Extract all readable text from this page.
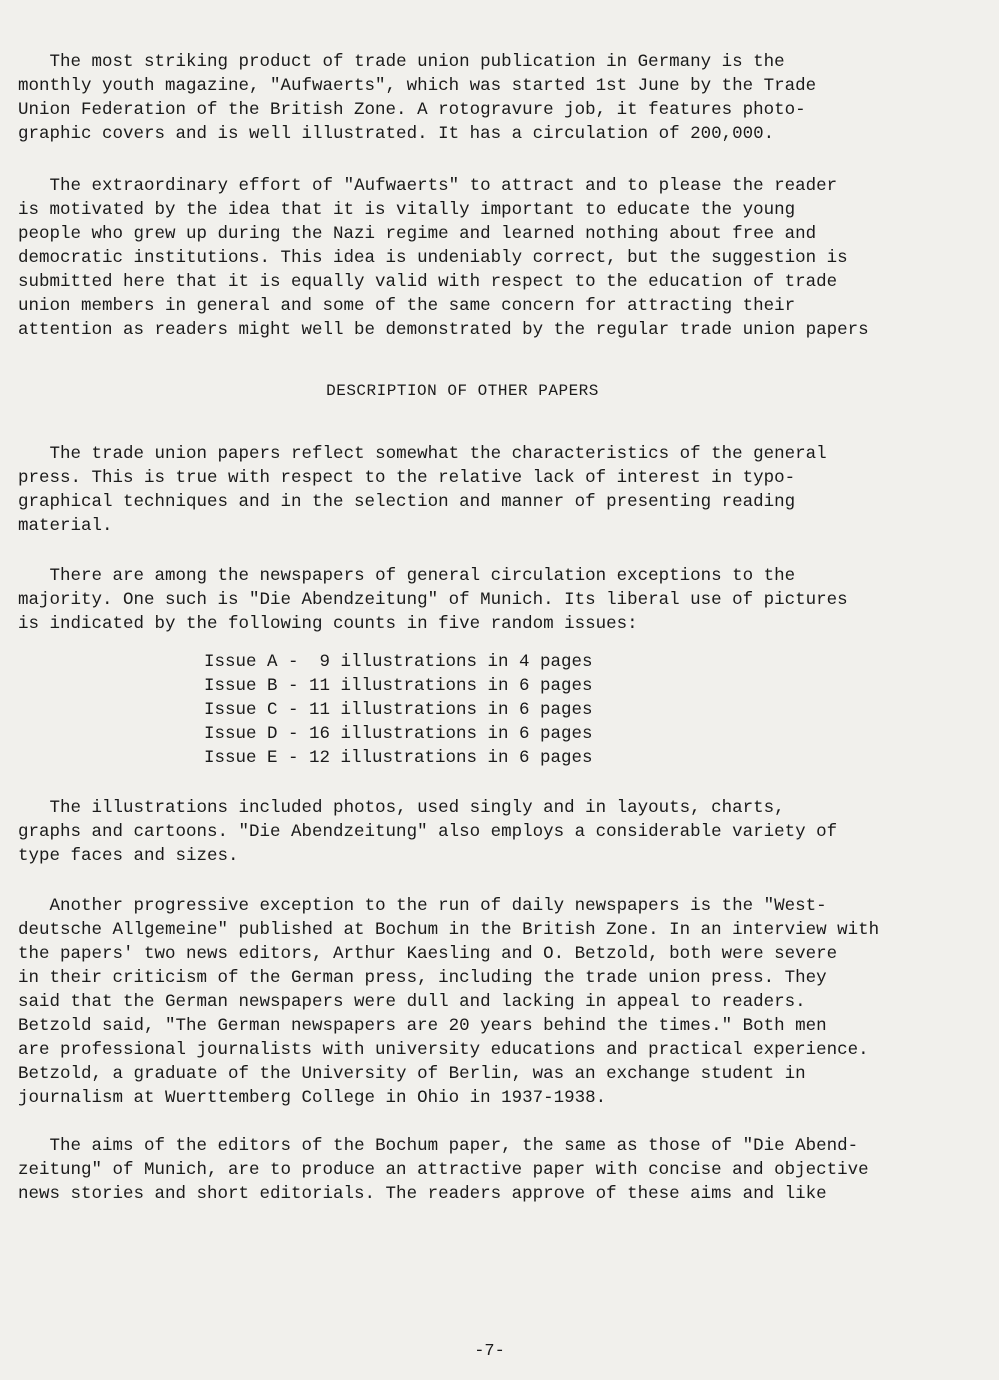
The most striking product of trade union publication in Germany is the
monthly youth magazine, "Aufwaerts", which was started 1st June by the Trade
Union Federation of the British Zone. A rotogravure job, it features photo-
graphic covers and is well illustrated. It has a circulation of 200,000.

The extraordinary effort of "Aufwaerts" to attract and to please the reader
is motivated by the idea that it is vitally important to educate the young
people who grew up during the Nazi regime and learned nothing about free and
democratic institutions. This idea is undeniably correct, but the suggestion is
submitted here that it is equally valid with respect to the education of trade
union members in general and some of the same concern for attracting their
attention as readers might well be demonstrated by the regular trade union papers

DESCRIPTION OF OTHER PAPERS

The trade union papers reflect somewhat the characteristics of the general
press. This is true with respect to the relative lack of interest in typo-
graphical techniques and in the selection and manner of presenting reading
material.

There are among the newspapers of general circulation exceptions to the
majority. One such is "Die Abendzeitung" of Munich. Its liberal use of pictures
is indicated by the following counts in five random issues:

Issue A -  9 illustrations in 4 pages
Issue B - 11 illustrations in 6 pages
Issue C - 11 illustrations in 6 pages
Issue D - 16 illustrations in 6 pages
Issue E - 12 illustrations in 6 pages

The illustrations included photos, used singly and in layouts, charts,
graphs and cartoons. "Die Abendzeitung" also employs a considerable variety of
type faces and sizes.

Another progressive exception to the run of daily newspapers is the "West-
deutsche Allgemeine" published at Bochum in the British Zone. In an interview with
the papers' two news editors, Arthur Kaesling and O. Betzold, both were severe
in their criticism of the German press, including the trade union press. They
said that the German newspapers were dull and lacking in appeal to readers.
Betzold said, "The German newspapers are 20 years behind the times." Both men
are professional journalists with university educations and practical experience.
Betzold, a graduate of the University of Berlin, was an exchange student in
journalism at Wuerttemberg College in Ohio in 1937-1938.

The aims of the editors of the Bochum paper, the same as those of "Die Abend-
zeitung" of Munich, are to produce an attractive paper with concise and objective
news stories and short editorials. The readers approve of these aims and like

-7-
